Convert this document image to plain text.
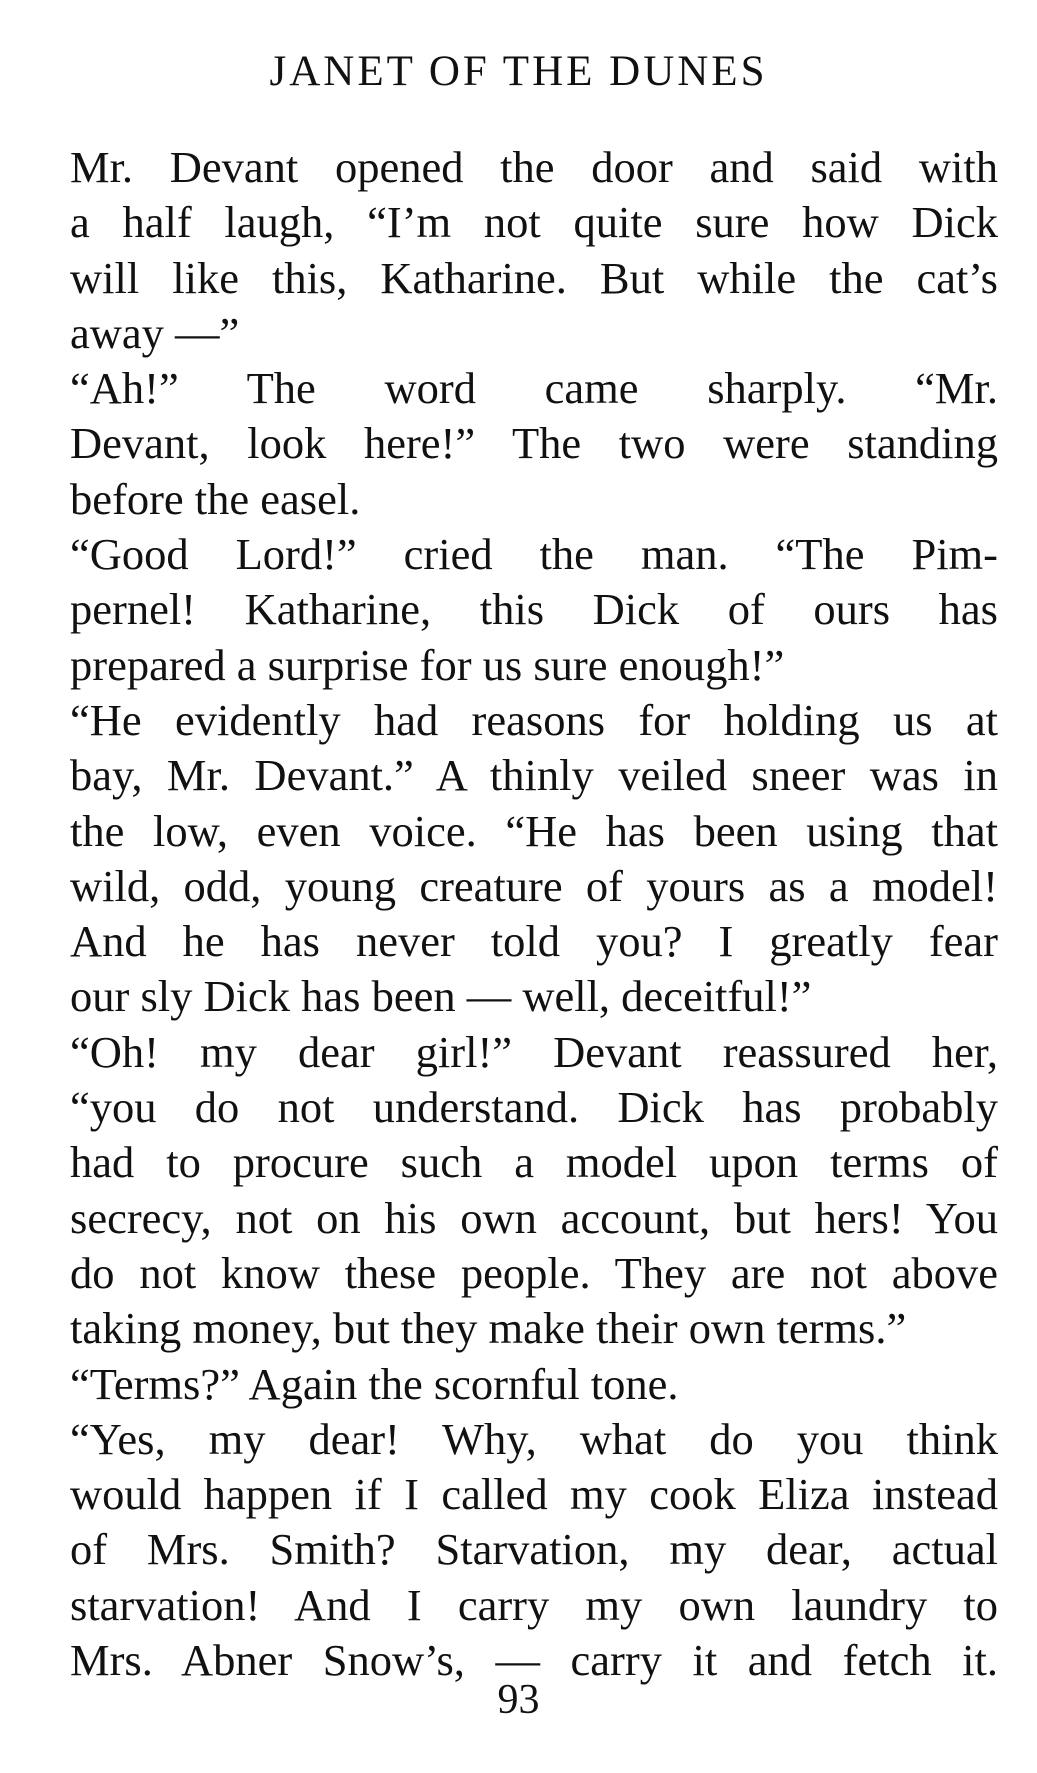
JANET OF THE DUNES

Mr. Devant opened the door and said with
a half laugh, “I’m not quite sure how Dick
will like this, Katharine. But while the cat’s
away —”

“Ah!” The word came sharply. “Mr.
Devant, look here!” The two were standing
before the easel.

“Good Lord!” cried the man. “The Pim-
pernel! Katharine, this Dick of ours has
prepared a surprise for us sure enough!”

“He evidently had reasons for holding us at
bay, Mr. Devant.” A thinly veiled sneer was in
the low, even voice. “He has been using that
wild, odd, young creature of yours as a model!
And he has never told you? I greatly fear
our sly Dick has been — well, deceitful!”

“Oh! my dear girl!” Devant reassured her,
“you do not understand. Dick has probably
had to procure such a model upon terms of
secrecy, not on his own account, but hers! You
do not know these people. They are not above
taking money, but they make their own terms.”

“Terms?” Again the scornful tone.

“Yes, my dear! Why, what do you think
would happen if I called my cook Eliza instead
of Mrs. Smith? Starvation, my dear, actual
starvation! And I carry my own laundry to
Mrs. Abner Snow’s, — carry it and fetch it.

93
